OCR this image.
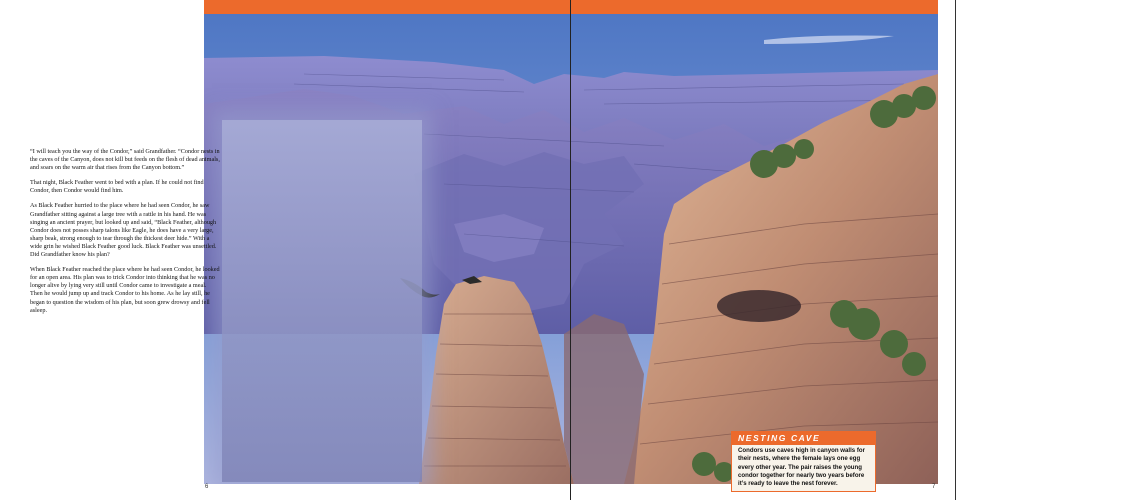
“I will teach you the way of the Condor,” said Grandfather. “Condor nests in the caves of the Canyon, does not kill but feeds on the flesh of dead animals, and soars on the warm air that rises from the Canyon bottom.”

That night, Black Feather went to bed with a plan. If he could not find Condor, then Condor would find him.

As Black Feather hurried to the place where he had seen Condor, he saw Grandfather sitting against a large tree with a rattle in his hand. He was singing an ancient prayer, but looked up and said, “Black Feather, although Condor does not posses sharp talons like Eagle, he does have a very large, sharp beak, strong enough to tear through the thickest deer hide.” With a wide grin he wished Black Feather good luck. Black Feather was unsettled. Did Grandfather know his plan?

When Black Feather reached the place where he had seen Condor, he looked for an open area. His plan was to trick Condor into thinking that he was no longer alive by lying very still until Condor came to investigate a meal. Then he would jump up and track Condor to his home. As he lay still, he began to question the wisdom of his plan, but soon grew drowsy and fell asleep.

6	7
NESTING CAVE
Condors use caves high in canyon walls for their nests, where the female lays one egg every other year. The pair raises the young condor together for nearly two years before it’s ready to leave the nest forever.
